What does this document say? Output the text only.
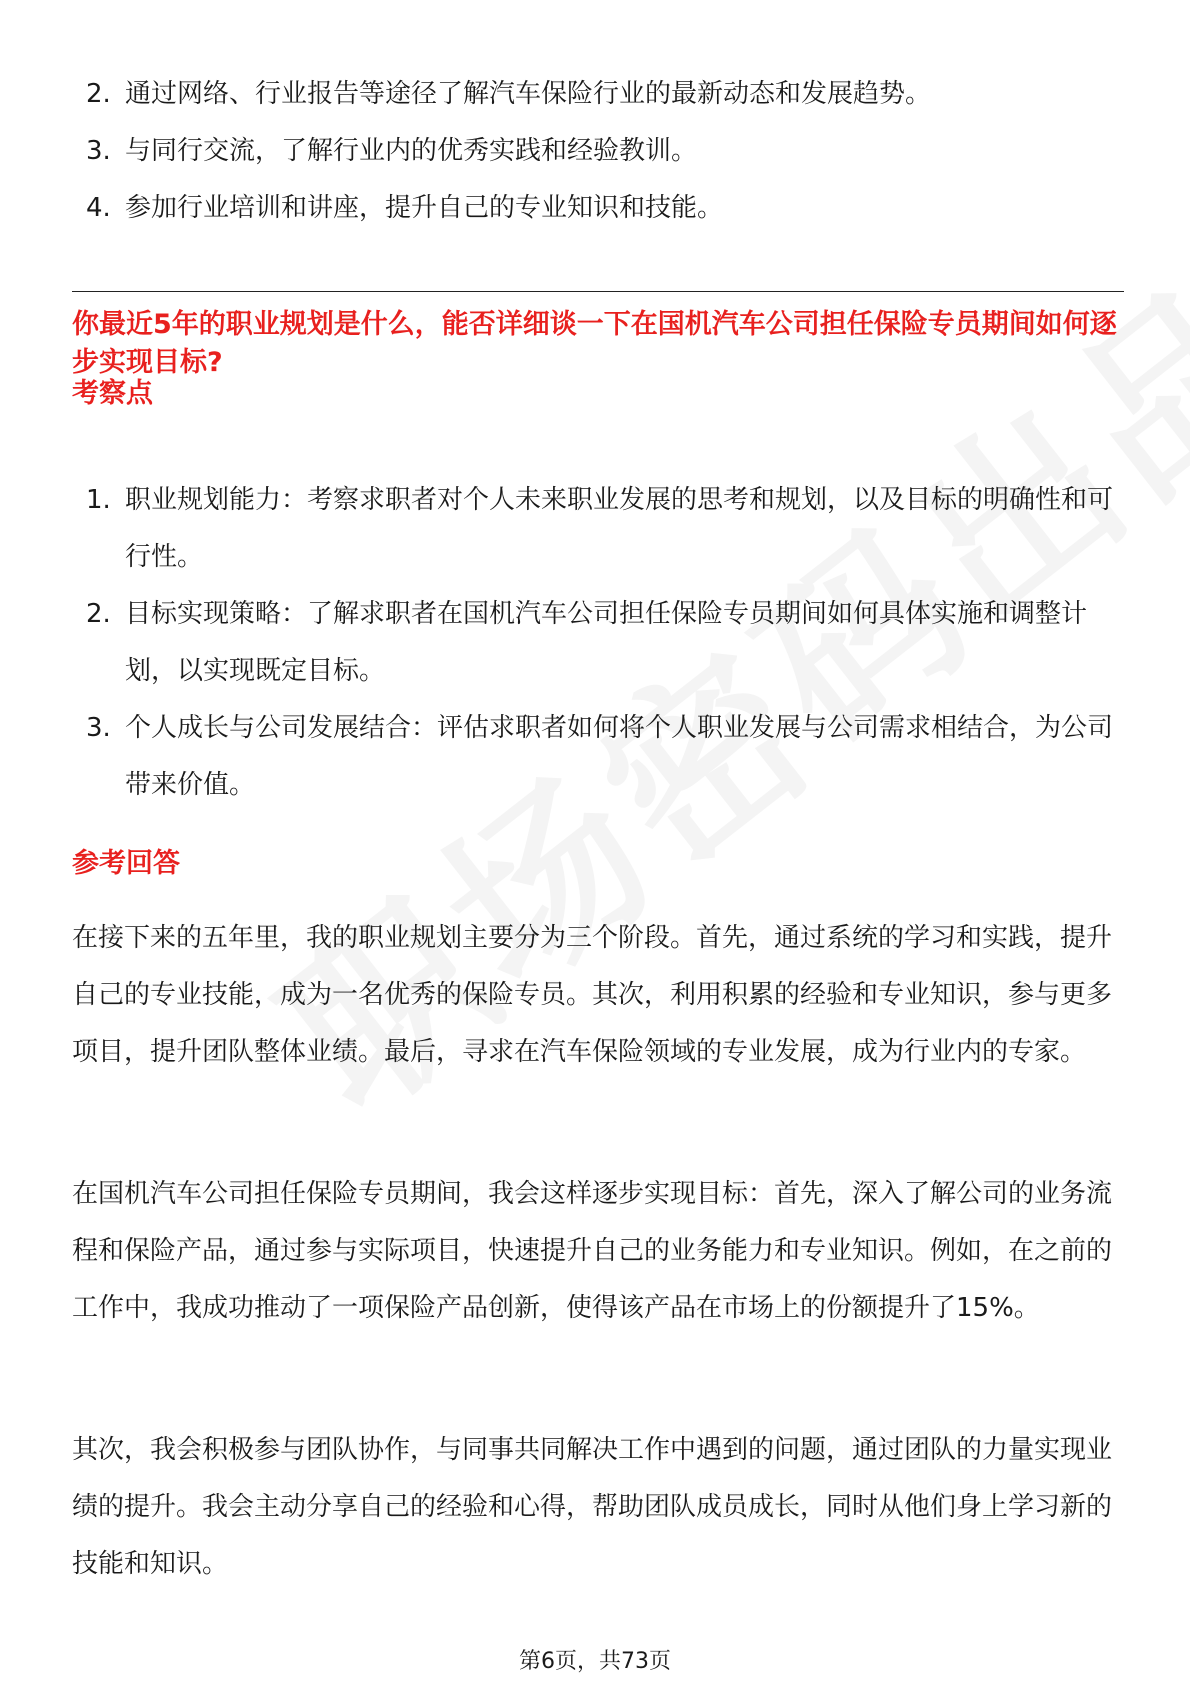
2. 通过网络、行业报告等途径了解汽车保险行业的最新动态和发展趋势。
3. 与同行交流，了解行业内的优秀实践和经验教训。
4. 参加行业培训和讲座，提升自己的专业知识和技能。
你最近5年的职业规划是什么，能否详细谈一下在国机汽车公司担任保险专员期间如何逐步实现目标?
考察点
1. 职业规划能力：考察求职者对个人未来职业发展的思考和规划，以及目标的明确性和可行性。
2. 目标实现策略：了解求职者在国机汽车公司担任保险专员期间如何具体实施和调整计划，以实现既定目标。
3. 个人成长与公司发展结合：评估求职者如何将个人职业发展与公司需求相结合，为公司带来价值。
参考回答

在接下来的五年里，我的职业规划主要分为三个阶段。首先，通过系统的学习和实践，提升自己的专业技能，成为一名优秀的保险专员。其次，利用积累的经验和专业知识，参与更多项目，提升团队整体业绩。最后，寻求在汽车保险领域的专业发展，成为行业内的专家。

在国机汽车公司担任保险专员期间，我会这样逐步实现目标：首先，深入了解公司的业务流程和保险产品，通过参与实际项目，快速提升自己的业务能力和专业知识。例如，在之前的工作中，我成功推动了一项保险产品创新，使得该产品在市场上的份额提升了15%。

其次，我会积极参与团队协作，与同事共同解决工作中遇到的问题，通过团队的力量实现业绩的提升。我会主动分享自己的经验和心得，帮助团队成员成长，同时从他们身上学习新的技能和知识。

第6页，共73页
